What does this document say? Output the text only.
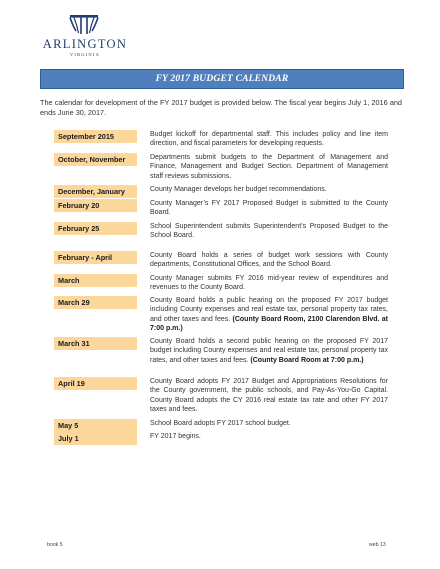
ARLINGTON
VIRGINIA
FY 2017 BUDGET CALENDAR
The calendar for development of the FY 2017 budget is provided below. The fiscal year begins July 1, 2016 and ends June 30, 2017.
September 2015	Budget kickoff for departmental staff. This includes policy and line item direction, and fiscal parameters for developing requests.
October, November	Departments submit budgets to the Department of Management and Finance, Management and Budget Section. Department of Management staff reviews submissions.
December, January	County Manager develops her budget recommendations.
February 20	County Manager’s FY 2017 Proposed Budget is submitted to the County Board.
February 25	School Superintendent submits Superintendent’s Proposed Budget to the School Board.
February - April	County Board holds a series of budget work sessions with County departments, Constitutional Offices, and the School Board.
March	County Manager submits FY 2016 mid-year review of expenditures and revenues to the County Board.
March 29	County Board holds a public hearing on the proposed FY 2017 budget including County expenses and real estate tax, personal property tax rates, and other taxes and fees. (County Board Room, 2100 Clarendon Blvd. at 7:00 p.m.)
March 31	County Board holds a second public hearing on the proposed FY 2017 budget including County expenses and real estate tax, personal property tax rates, and other taxes and fees. (County Board Room at 7:00 p.m.)
April 19	County Board adopts FY 2017 Budget and Appropriations Resolutions for the County government, the public schools, and Pay-As-You-Go Capital. County Board adopts the CY 2016 real estate tax rate and other FY 2017 taxes and fees.
May 5	School Board adopts FY 2017 school budget.
July 1	FY 2017 begins.
book 5	web 13
